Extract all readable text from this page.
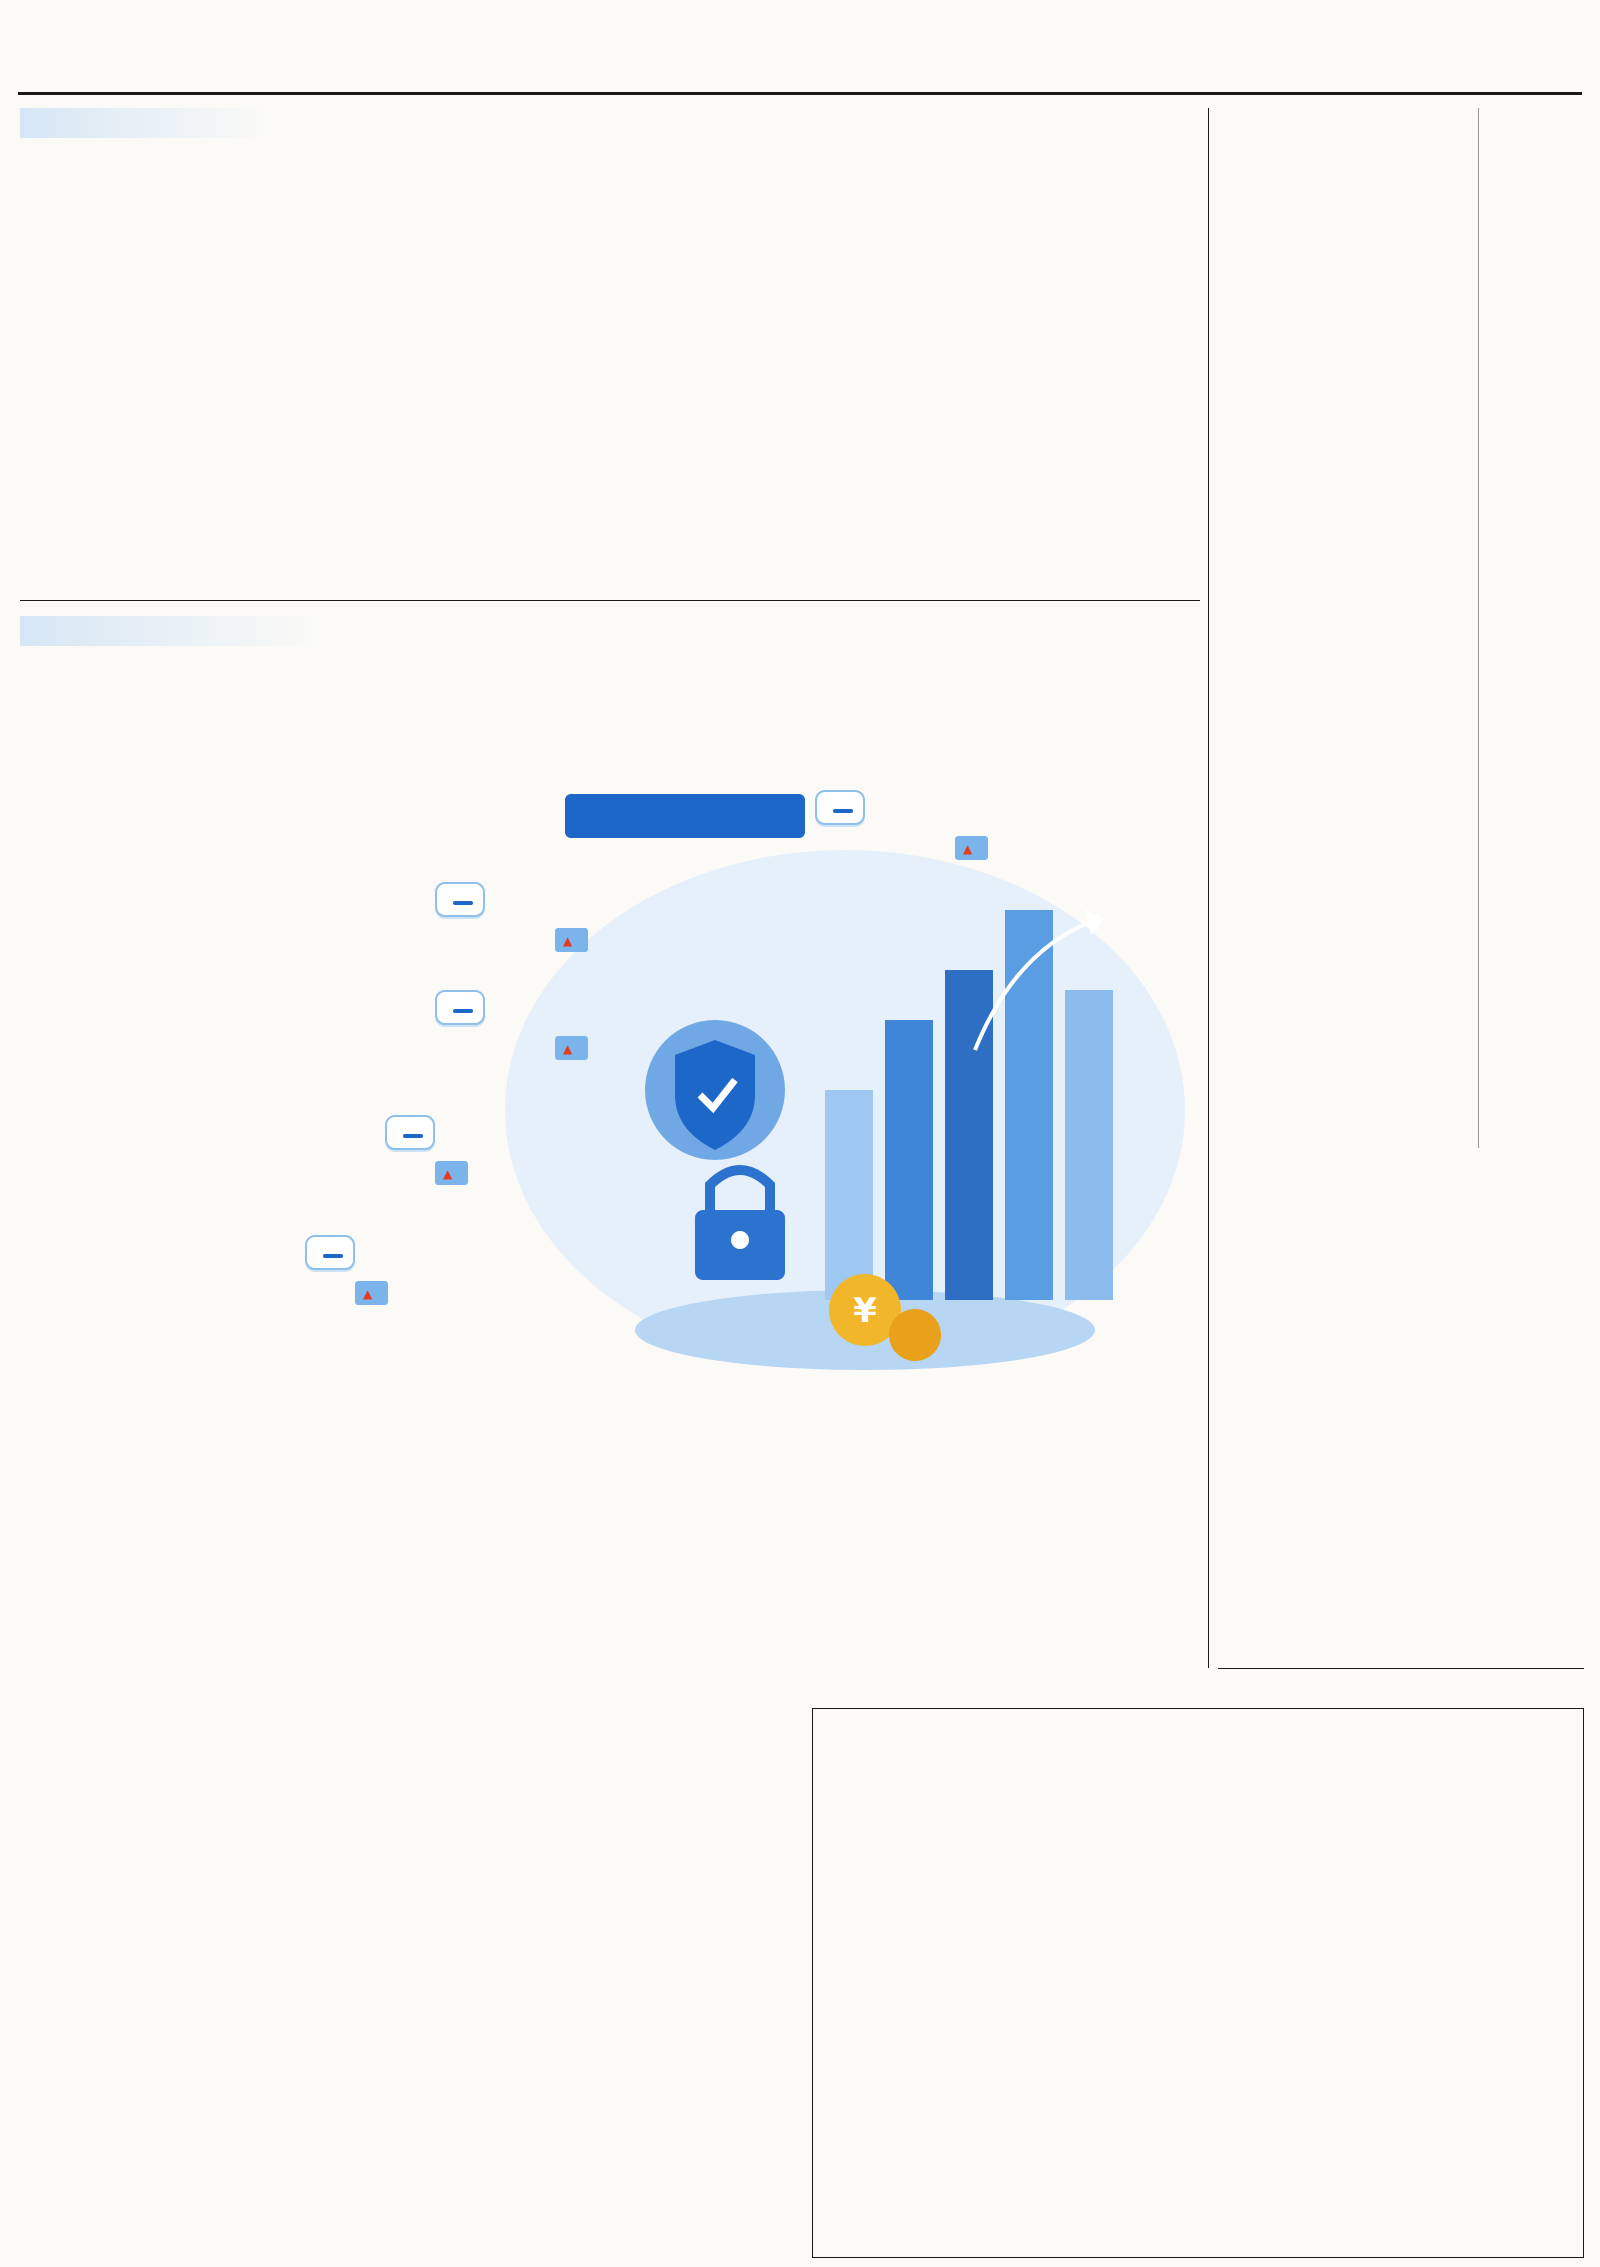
¥
▲
▲
▲
▲
▲
